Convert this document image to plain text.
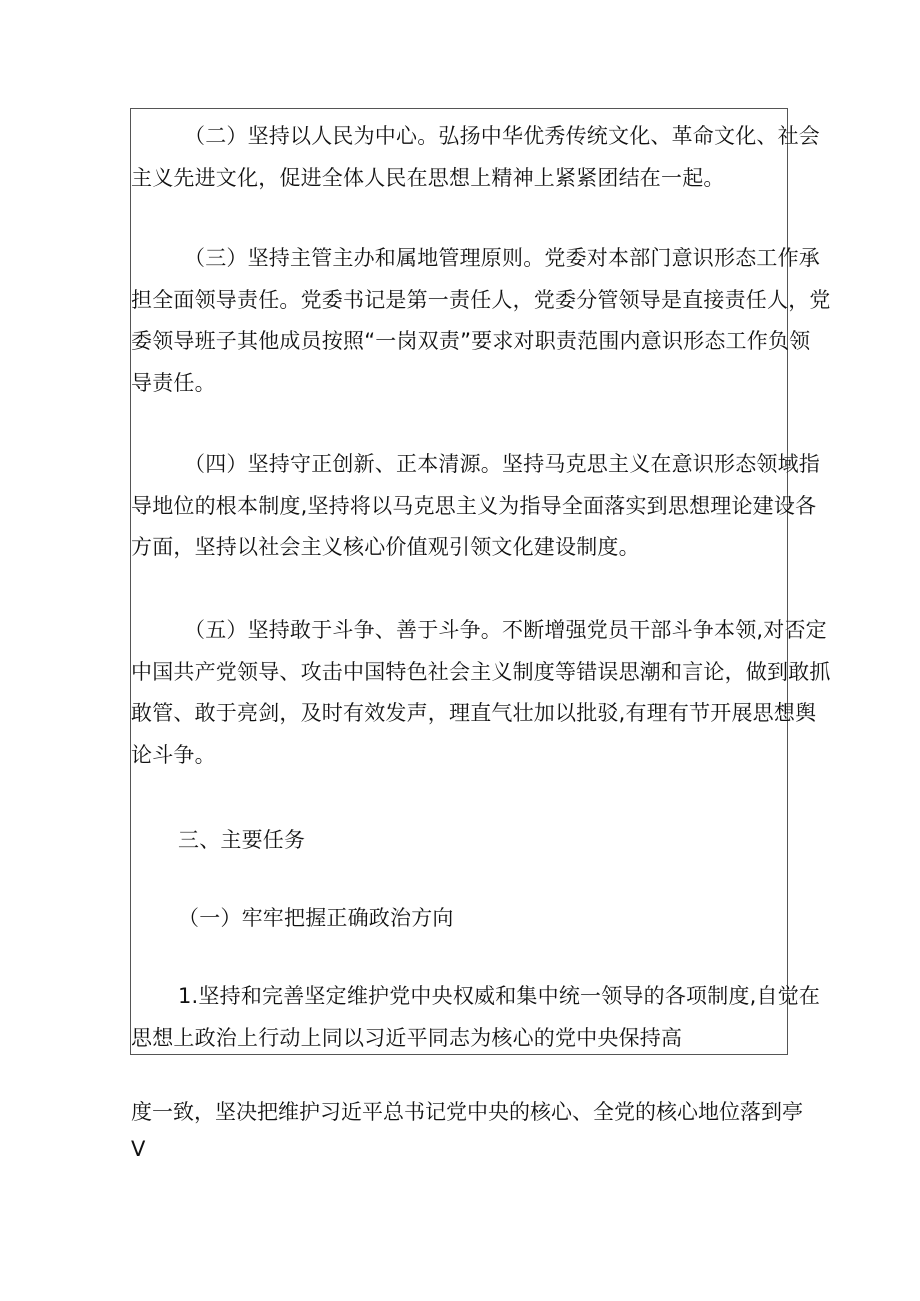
（二）坚持以人民为中心。弘扬中华优秀传统文化、革命文化、社会
主义先进文化，促进全体人民在思想上精神上紧紧团结在一起。
（三）坚持主管主办和属地管理原则。党委对本部门意识形态工作承
担全面领导责任。党委书记是第一责任人，党委分管领导是直接责任人，党
委领导班子其他成员按照“一岗双责”要求对职责范围内意识形态工作负领
导责任。
（四）坚持守正创新、正本清源。坚持马克思主义在意识形态领域指
导地位的根本制度,坚持将以马克思主义为指导全面落实到思想理论建设各
方面，坚持以社会主义核心价值观引领文化建设制度。
（五）坚持敢于斗争、善于斗争。不断增强党员干部斗争本领,对否定
中国共产党领导、攻击中国特色社会主义制度等错误思潮和言论，做到敢抓
敢管、敢于亮剑，及时有效发声，理直气壮加以批驳,有理有节开展思想舆
论斗争。
三、主要任务
（一）牢牢把握正确政治方向
1.坚持和完善坚定维护党中央权威和集中统一领导的各项制度,自觉在
思想上政治上行动上同以习近平同志为核心的党中央保持高
度一致，坚决把维护习近平总书记党中央的核心、全党的核心地位落到亭
V
